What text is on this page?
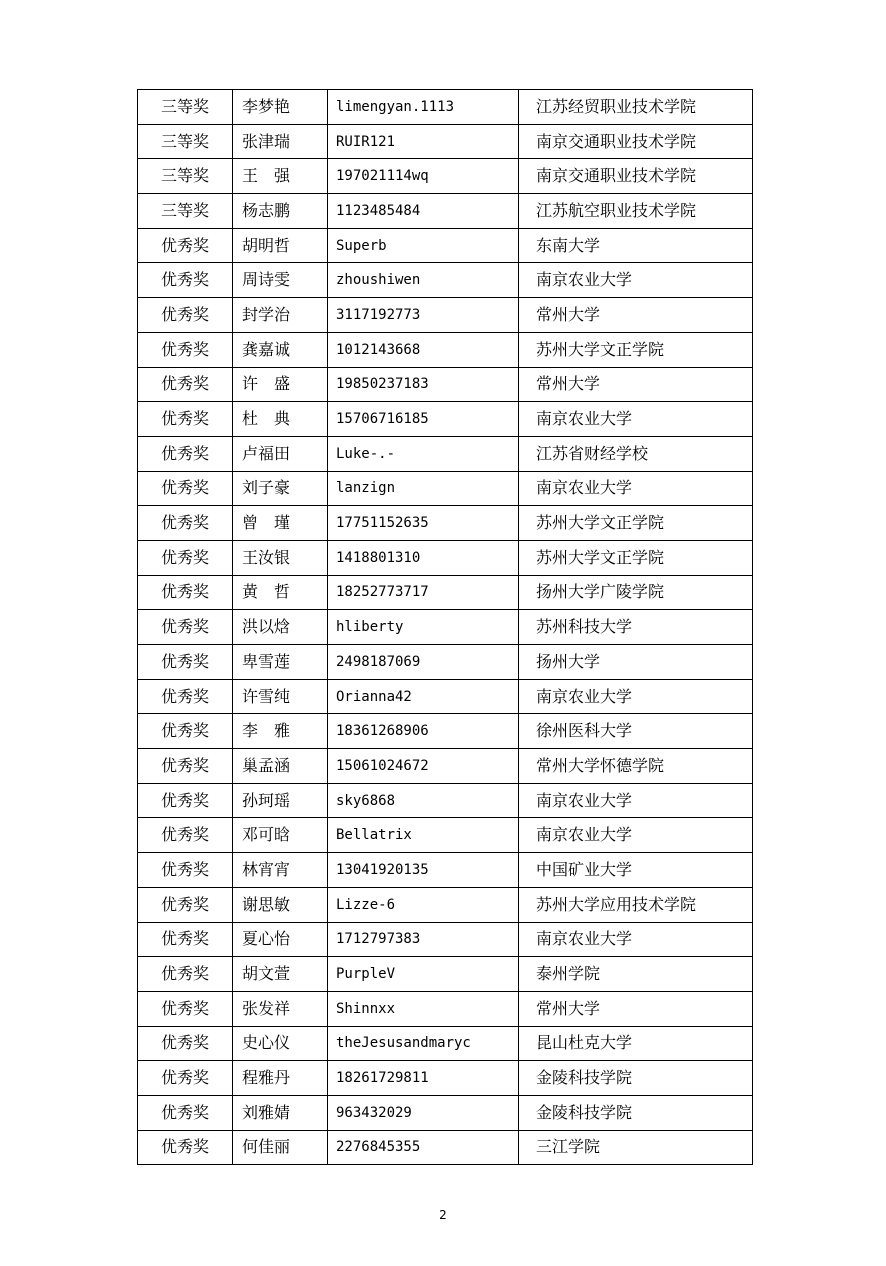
三等奖	李梦艳	limengyan.1113	江苏经贸职业技术学院
三等奖	张津瑞	RUIR121	南京交通职业技术学院
三等奖	王　强	197021114wq	南京交通职业技术学院
三等奖	杨志鹏	1123485484	江苏航空职业技术学院
优秀奖	胡明哲	Superb	东南大学
优秀奖	周诗雯	zhoushiwen	南京农业大学
优秀奖	封学治	3117192773	常州大学
优秀奖	龚嘉诚	1012143668	苏州大学文正学院
优秀奖	许　盛	19850237183	常州大学
优秀奖	杜　典	15706716185	南京农业大学
优秀奖	卢福田	Luke-.-	江苏省财经学校
优秀奖	刘子豪	lanzign	南京农业大学
优秀奖	曾　瑾	17751152635	苏州大学文正学院
优秀奖	王汝银	1418801310	苏州大学文正学院
优秀奖	黄　哲	18252773717	扬州大学广陵学院
优秀奖	洪以焓	hliberty	苏州科技大学
优秀奖	卑雪莲	2498187069	扬州大学
优秀奖	许雪纯	Orianna42	南京农业大学
优秀奖	李　雅	18361268906	徐州医科大学
优秀奖	巢孟涵	15061024672	常州大学怀德学院
优秀奖	孙珂瑶	sky6868	南京农业大学
优秀奖	邓可晗	Bellatrix	南京农业大学
优秀奖	林宵宵	13041920135	中国矿业大学
优秀奖	谢思敏	Lizze-6	苏州大学应用技术学院
优秀奖	夏心怡	1712797383	南京农业大学
优秀奖	胡文萱	PurpleV	泰州学院
优秀奖	张发祥	Shinnxx	常州大学
优秀奖	史心仪	theJesusandmaryc	昆山杜克大学
优秀奖	程雅丹	18261729811	金陵科技学院
优秀奖	刘雅婧	963432029	金陵科技学院
优秀奖	何佳丽	2276845355	三江学院
2
